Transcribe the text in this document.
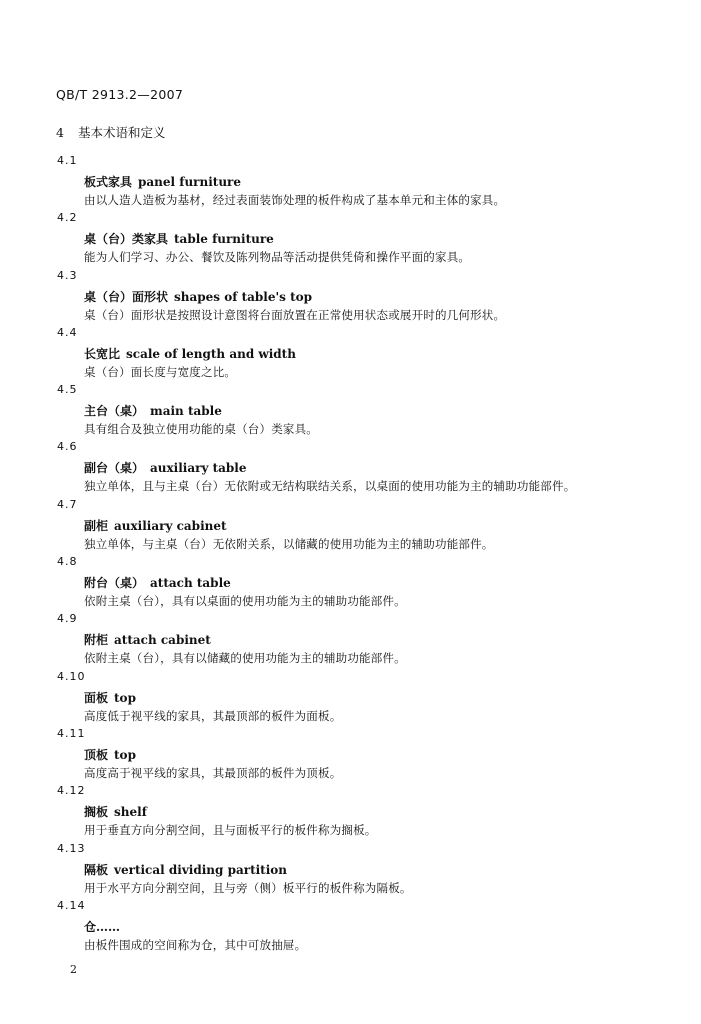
QB/T 2913.2—2007
4 基本术语和定义
4.1
板式家具 panel furniture
由以人造人造板为基材，经过表面装饰处理的板件构成了基本单元和主体的家具。
4.2
桌（台）类家具 table furniture
能为人们学习、办公、餐饮及陈列物品等活动提供凭倚和操作平面的家具。
4.3
桌（台）面形状 shapes of table's top
桌（台）面形状是按照设计意图将台面放置在正常使用状态或展开时的几何形状。
4.4
长宽比 scale of length and width
桌（台）面长度与宽度之比。
4.5
主台（桌） main table
具有组合及独立使用功能的桌（台）类家具。
4.6
副台（桌） auxiliary table
独立单体，且与主桌（台）无依附或无结构联结关系，以桌面的使用功能为主的辅助功能部件。
4.7
副柜 auxiliary cabinet
独立单体，与主桌（台）无依附关系，以储藏的使用功能为主的辅助功能部件。
4.8
附台（桌） attach table
依附主桌（台），具有以桌面的使用功能为主的辅助功能部件。
4.9
附柜 attach cabinet
依附主桌（台），具有以储藏的使用功能为主的辅助功能部件。
4.10
面板 top
高度低于视平线的家具，其最顶部的板件为面板。
4.11
顶板 top
高度高于视平线的家具，其最顶部的板件为顶板。
4.12
搁板 shelf
用于垂直方向分割空间，且与面板平行的板件称为搁板。
4.13
隔板 vertical dividing partition
用于水平方向分割空间，且与旁（侧）板平行的板件称为隔板。
4.14
仓……
由板件围成的空间称为仓，其中可放抽屉。
2
